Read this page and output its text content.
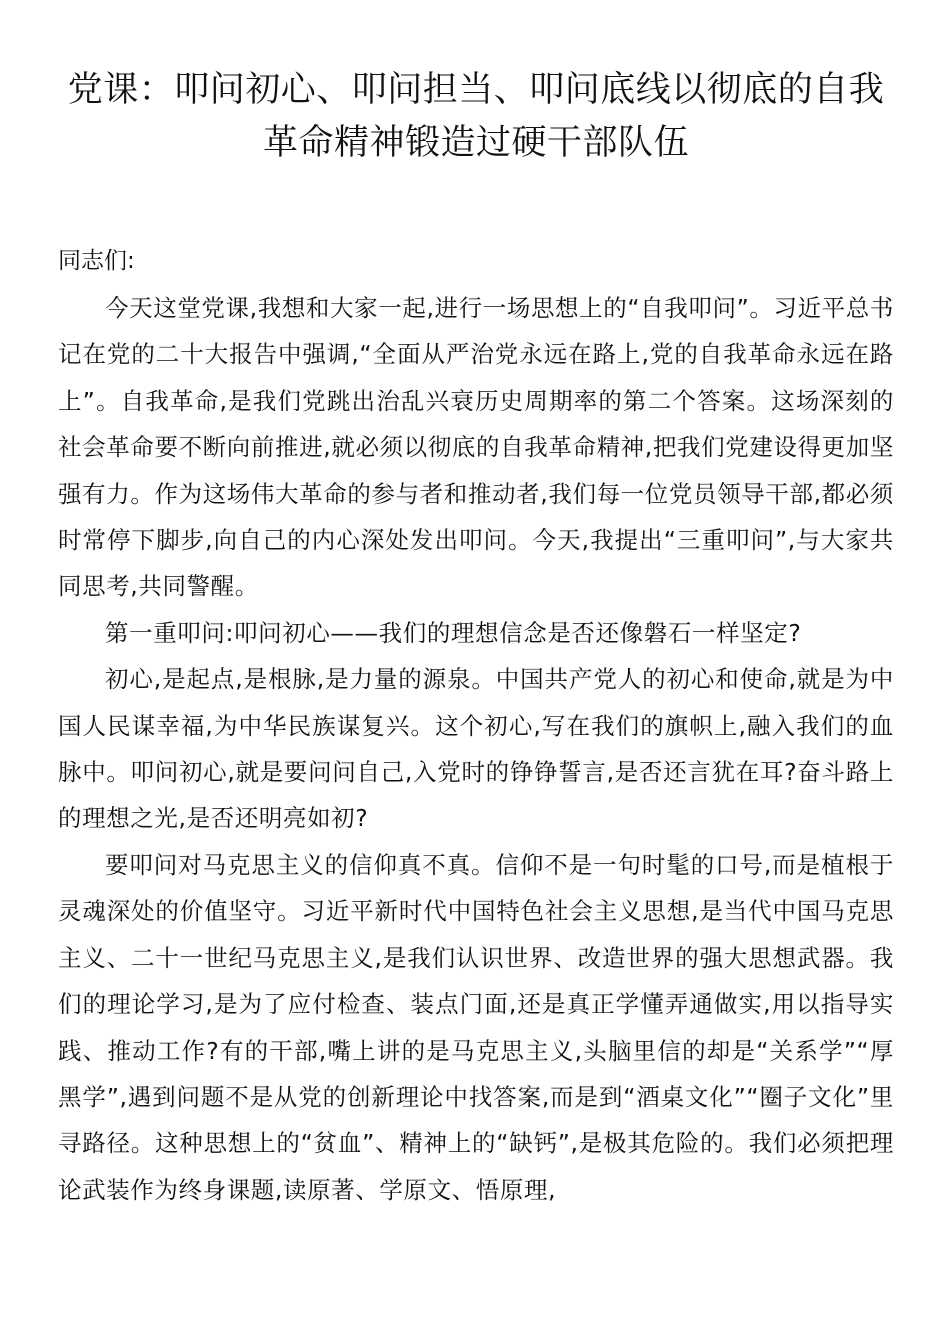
党课：叩问初心、叩问担当、叩问底线以彻底的自我
革命精神锻造过硬干部队伍

同志们:

今天这堂党课,我想和大家一起,进行一场思想上的“自我叩问”。习近平总书记在党的二十大报告中强调,“全面从严治党永远在路上,党的自我革命永远在路上”。自我革命,是我们党跳出治乱兴衰历史周期率的第二个答案。这场深刻的社会革命要不断向前推进,就必须以彻底的自我革命精神,把我们党建设得更加坚强有力。作为这场伟大革命的参与者和推动者,我们每一位党员领导干部,都必须时常停下脚步,向自己的内心深处发出叩问。今天,我提出“三重叩问”,与大家共同思考,共同警醒。

第一重叩问:叩问初心——我们的理想信念是否还像磐石一样坚定?

初心,是起点,是根脉,是力量的源泉。中国共产党人的初心和使命,就是为中国人民谋幸福,为中华民族谋复兴。这个初心,写在我们的旗帜上,融入我们的血脉中。叩问初心,就是要问问自己,入党时的铮铮誓言,是否还言犹在耳?奋斗路上的理想之光,是否还明亮如初?

要叩问对马克思主义的信仰真不真。信仰不是一句时髦的口号,而是植根于灵魂深处的价值坚守。习近平新时代中国特色社会主义思想,是当代中国马克思主义、二十一世纪马克思主义,是我们认识世界、改造世界的强大思想武器。我们的理论学习,是为了应付检查、装点门面,还是真正学懂弄通做实,用以指导实践、推动工作?有的干部,嘴上讲的是马克思主义,头脑里信的却是“关系学”“厚黑学”,遇到问题不是从党的创新理论中找答案,而是到“酒桌文化”“圈子文化”里寻路径。这种思想上的“贫血”、精神上的“缺钙”,是极其危险的。我们必须把理论武装作为终身课题,读原著、学原文、悟原理,
